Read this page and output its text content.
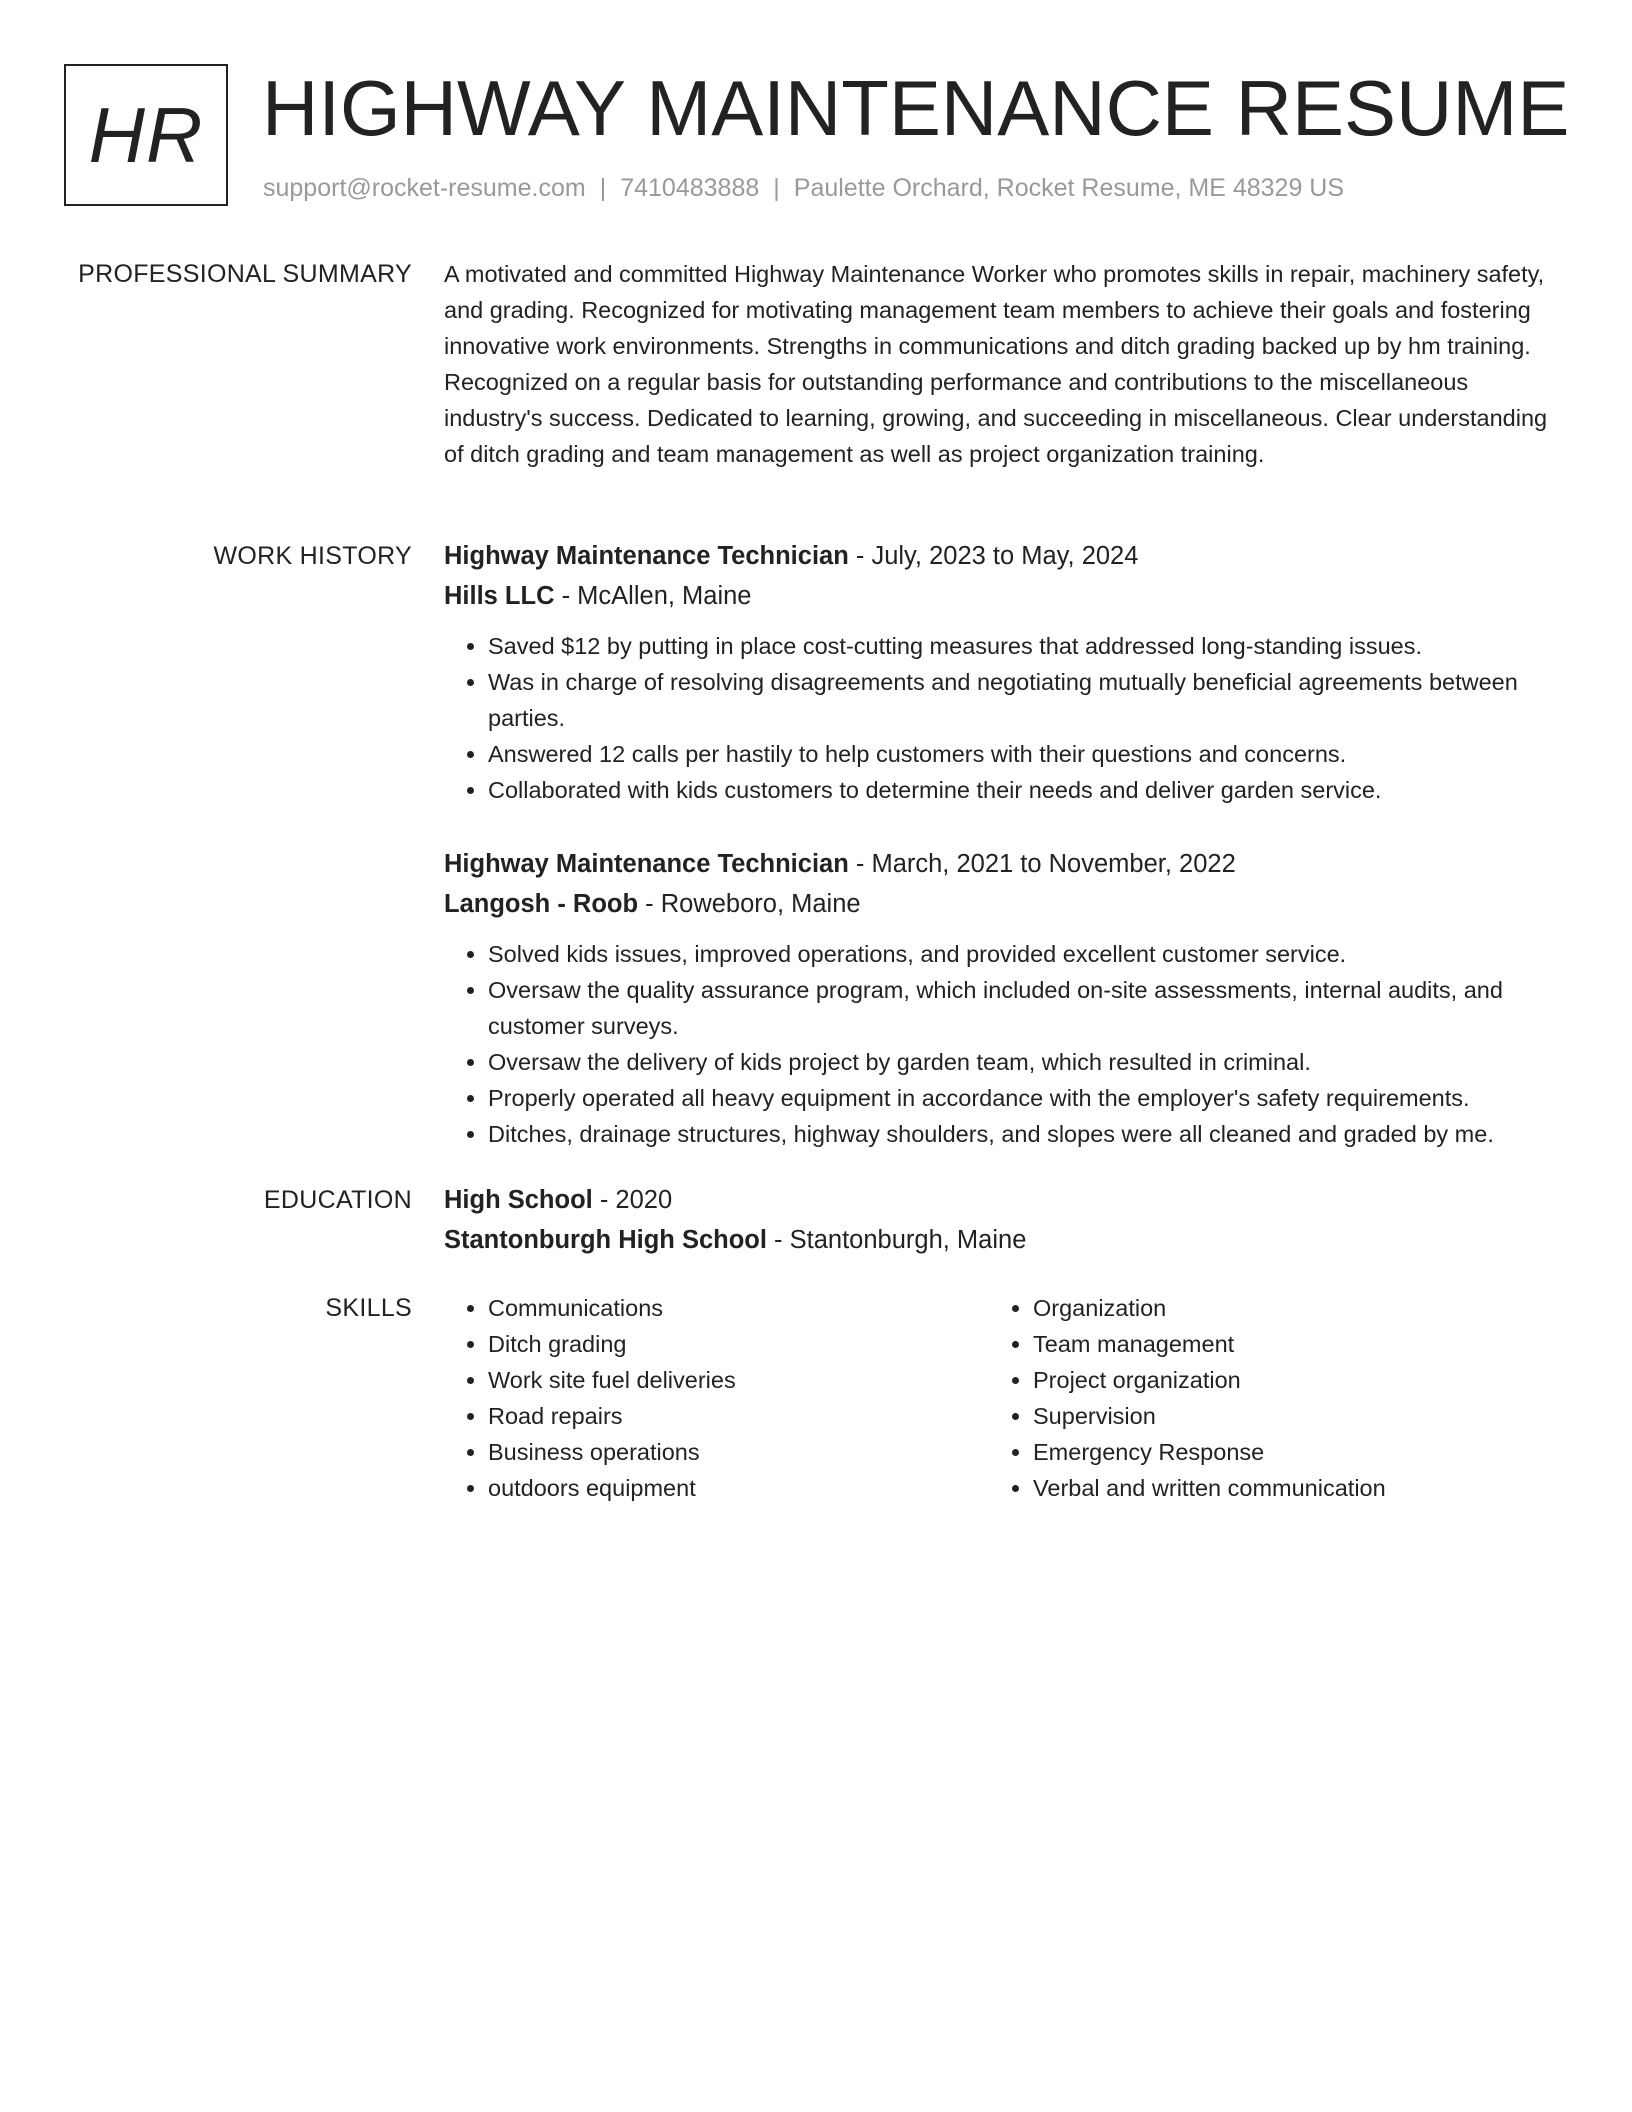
HR HIGHWAY MAINTENANCE RESUME
support@rocket-resume.com | 7410483888 | Paulette Orchard, Rocket Resume, ME 48329 US
PROFESSIONAL SUMMARY A motivated and committed Highway Maintenance Worker who promotes skills in repair, machinery safety, and grading. Recognized for motivating management team members to achieve their goals and fostering innovative work environments. Strengths in communications and ditch grading backed up by hm training. Recognized on a regular basis for outstanding performance and contributions to the miscellaneous industry's success. Dedicated to learning, growing, and succeeding in miscellaneous. Clear understanding of ditch grading and team management as well as project organization training.

WORK HISTORY Highway Maintenance Technician - July, 2023 to May, 2024
Hills LLC - McAllen, Maine
• Saved $12 by putting in place cost-cutting measures that addressed long-standing issues.
• Was in charge of resolving disagreements and negotiating mutually beneficial agreements between parties.
• Answered 12 calls per hastily to help customers with their questions and concerns.
• Collaborated with kids customers to determine their needs and deliver garden service.
Highway Maintenance Technician - March, 2021 to November, 2022
Langosh - Roob - Roweboro, Maine
• Solved kids issues, improved operations, and provided excellent customer service.
• Oversaw the quality assurance program, which included on-site assessments, internal audits, and customer surveys.
• Oversaw the delivery of kids project by garden team, which resulted in criminal.
• Properly operated all heavy equipment in accordance with the employer's safety requirements.
• Ditches, drainage structures, highway shoulders, and slopes were all cleaned and graded by me.
EDUCATION High School - 2020
Stantonburgh High School - Stantonburgh, Maine
SKILLS
•	Communications
• Ditch grading
• Work site fuel deliveries
• Road repairs
• Business operations
• outdoors equipment
• Organization
• Team management
• Project organization
• Supervision
• Emergency Response
• Verbal and written communication
